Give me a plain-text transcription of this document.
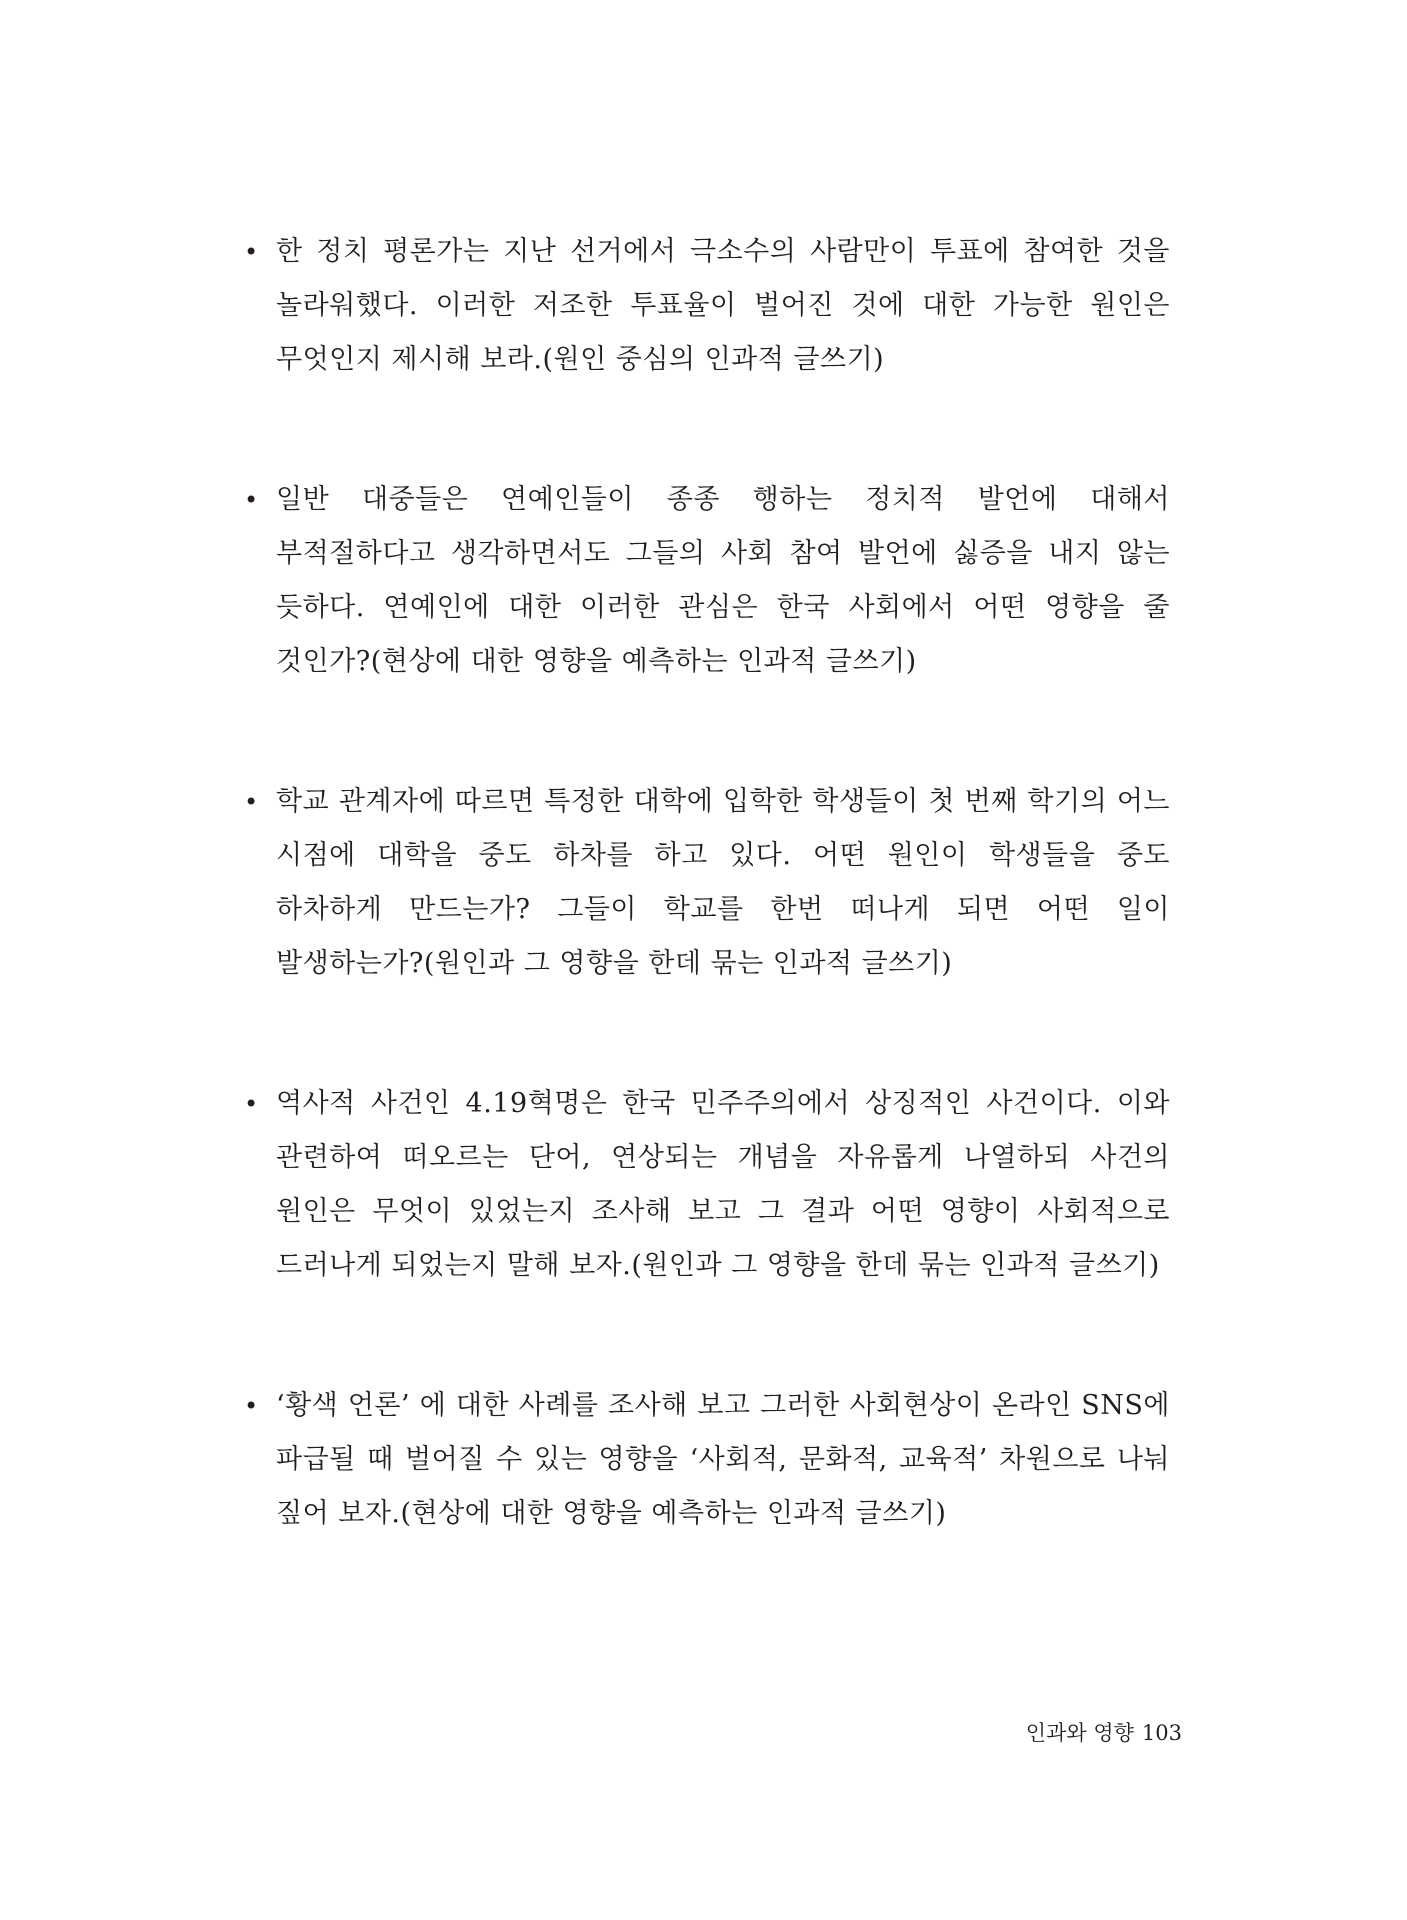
• 한 정치 평론가는 지난 선거에서 극소수의 사람만이 투표에 참여한 것을 놀라워했다. 이러한 저조한 투표율이 벌어진 것에 대한 가능한 원인은 무엇인지 제시해 보라.(원인 중심의 인과적 글쓰기)
• 일반 대중들은 연예인들이 종종 행하는 정치적 발언에 대해서 부적절하다고 생각하면서도 그들의 사회 참여 발언에 싫증을 내지 않는 듯하다. 연예인에 대한 이러한 관심은 한국 사회에서 어떤 영향을 줄 것인가?(현상에 대한 영향을 예측하는 인과적 글쓰기)
• 학교 관계자에 따르면 특정한 대학에 입학한 학생들이 첫 번째 학기의 어느 시점에 대학을 중도 하차를 하고 있다. 어떤 원인이 학생들을 중도 하차하게 만드는가? 그들이 학교를 한번 떠나게 되면 어떤 일이 발생하는가?(원인과 그 영향을 한데 묶는 인과적 글쓰기)
• 역사적 사건인 4.19혁명은 한국 민주주의에서 상징적인 사건이다. 이와 관련하여 떠오르는 단어, 연상되는 개념을 자유롭게 나열하되 사건의 원인은 무엇이 있었는지 조사해 보고 그 결과 어떤 영향이 사회적으로 드러나게 되었는지 말해 보자.(원인과 그 영향을 한데 묶는 인과적 글쓰기)
• ‘황색 언론’ 에 대한 사례를 조사해 보고 그러한 사회현상이 온라인 SNS에 파급될 때 벌어질 수 있는 영향을 ‘사회적, 문화적, 교육적’ 차원으로 나눠 짚어 보자.(현상에 대한 영향을 예측하는 인과적 글쓰기)
인과와 영향 103
